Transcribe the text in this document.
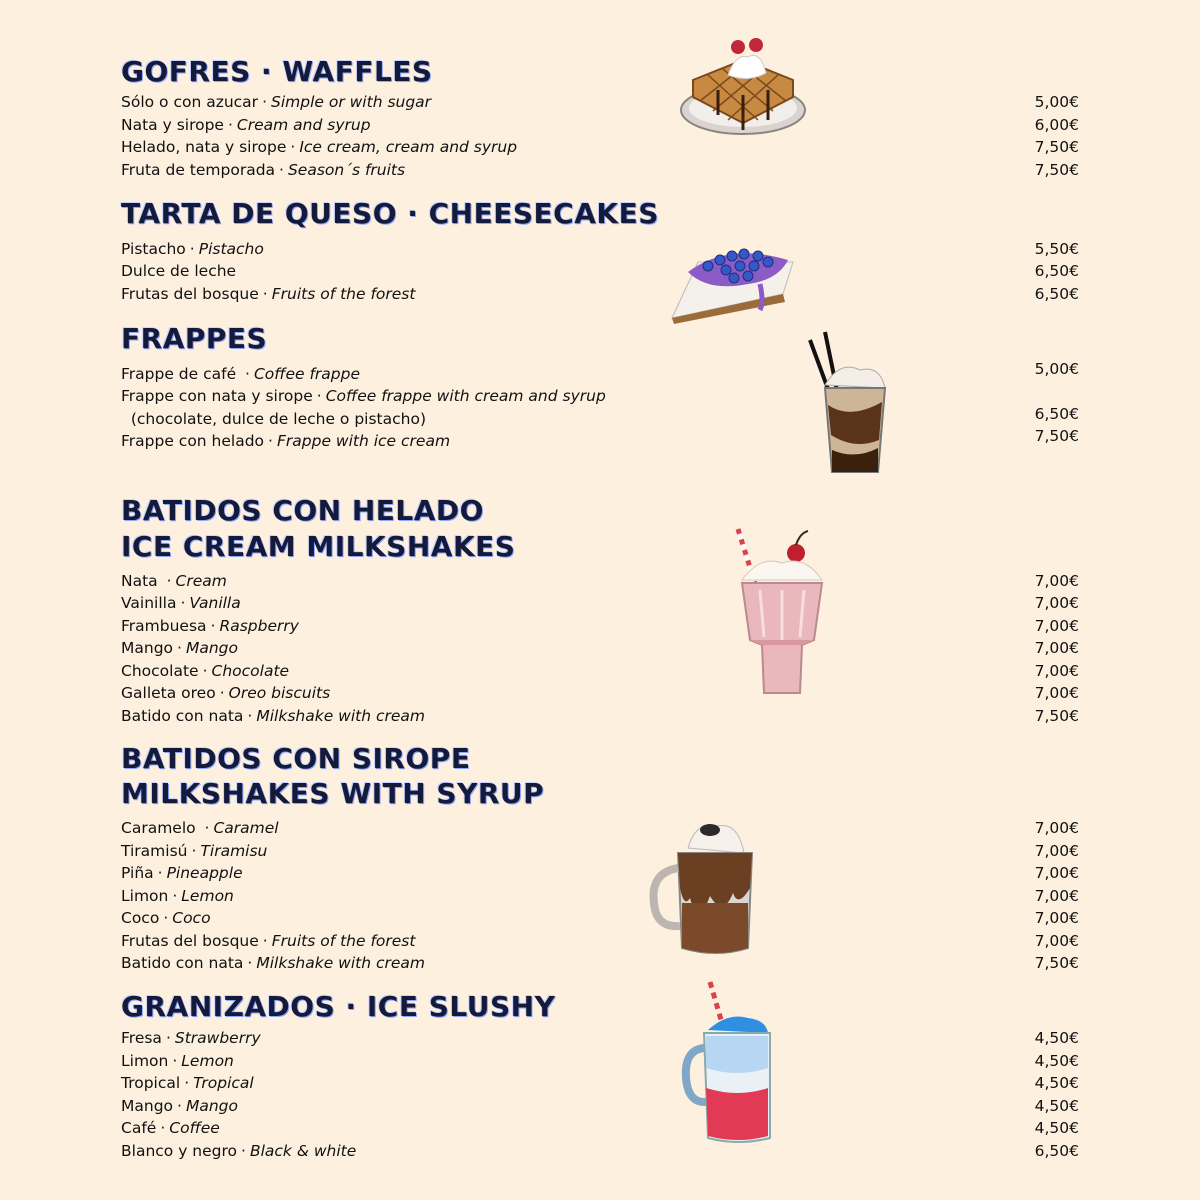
GOFRES · WAFFLES
Sólo o con azucar · Simple or with sugar	5,00€
Nata y sirope · Cream and syrup	6,00€
Helado, nata y sirope · Ice cream, cream and syrup	7,50€
Fruta de temporada · Season´s fruits	7,50€
TARTA DE QUESO · CHEESECAKES
Pistacho · Pistacho	5,50€
Dulce de leche	6,50€
Frutas del bosque · Fruits of the forest	6,50€
FRAPPES
Frappe de café · Coffee frappe	5,00€
Frappe con nata y sirope · Coffee frappe with cream and syrup
(chocolate, dulce de leche o pistacho)	6,50€
Frappe con helado · Frappe with ice cream	7,50€
BATIDOS CON HELADO
ICE CREAM MILKSHAKES
Nata · Cream	7,00€
Vainilla · Vanilla	7,00€
Frambuesa · Raspberry	7,00€
Mango · Mango	7,00€
Chocolate · Chocolate	7,00€
Galleta oreo · Oreo biscuits	7,00€
Batido con nata · Milkshake with cream	7,50€
BATIDOS CON SIROPE
MILKSHAKES WITH SYRUP
Caramelo · Caramel	7,00€
Tiramisú · Tiramisu	7,00€
Piña · Pineapple	7,00€
Limon · Lemon	7,00€
Coco · Coco	7,00€
Frutas del bosque · Fruits of the forest	7,00€
Batido con nata · Milkshake with cream	7,50€
GRANIZADOS · ICE SLUSHY
Fresa · Strawberry	4,50€
Limon · Lemon	4,50€
Tropical · Tropical	4,50€
Mango · Mango	4,50€
Café · Coffee	4,50€
Blanco y negro · Black & white	6,50€
